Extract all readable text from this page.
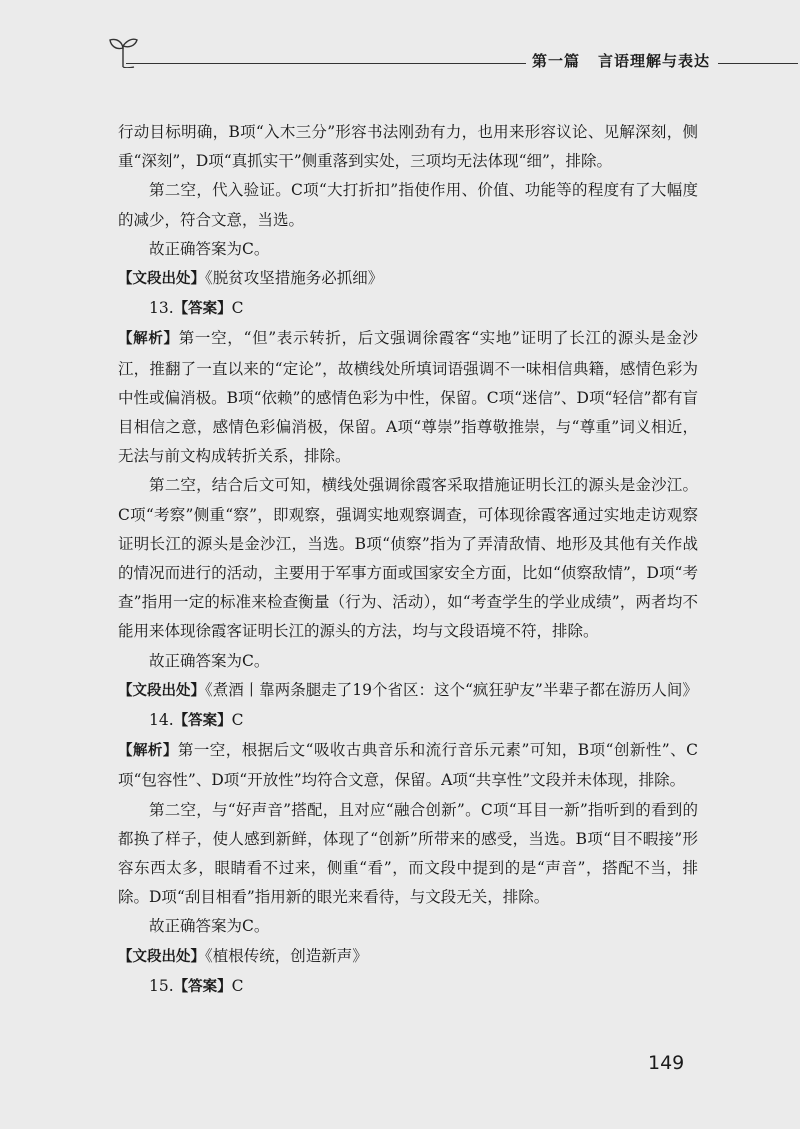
第一篇 言语理解与表达

行动目标明确，B项“入木三分”形容书法刚劲有力，也用来形容议论、见解深刻，侧重“深刻”，D项“真抓实干”侧重落到实处，三项均无法体现“细”，排除。

第二空，代入验证。C项“大打折扣”指使作用、价值、功能等的程度有了大幅度的减少，符合文意，当选。

故正确答案为C。

【文段出处】《脱贫攻坚措施务必抓细》

13.【答案】C

【解析】第一空，“但”表示转折，后文强调徐霞客“实地”证明了长江的源头是金沙江，推翻了一直以来的“定论”，故横线处所填词语强调不一味相信典籍，感情色彩为中性或偏消极。B项“依赖”的感情色彩为中性，保留。C项“迷信”、D项“轻信”都有盲目相信之意，感情色彩偏消极，保留。A项“尊崇”指尊敬推崇，与“尊重”词义相近，无法与前文构成转折关系，排除。

第二空，结合后文可知，横线处强调徐霞客采取措施证明长江的源头是金沙江。C项“考察”侧重“察”，即观察，强调实地观察调查，可体现徐霞客通过实地走访观察证明长江的源头是金沙江，当选。B项“侦察”指为了弄清敌情、地形及其他有关作战的情况而进行的活动，主要用于军事方面或国家安全方面，比如“侦察敌情”，D项“考查”指用一定的标准来检查衡量（行为、活动），如“考查学生的学业成绩”，两者均不能用来体现徐霞客证明长江的源头的方法，均与文段语境不符，排除。

故正确答案为C。

【文段出处】《煮酒丨靠两条腿走了19个省区：这个“疯狂驴友”半辈子都在游历人间》

14.【答案】C

【解析】第一空，根据后文“吸收古典音乐和流行音乐元素”可知，B项“创新性”、C项“包容性”、D项“开放性”均符合文意，保留。A项“共享性”文段并未体现，排除。

第二空，与“好声音”搭配，且对应“融合创新”。C项“耳目一新”指听到的看到的都换了样子，使人感到新鲜，体现了“创新”所带来的感受，当选。B项“目不暇接”形容东西太多，眼睛看不过来，侧重“看”，而文段中提到的是“声音”，搭配不当，排除。D项“刮目相看”指用新的眼光来看待，与文段无关，排除。

故正确答案为C。

【文段出处】《植根传统，创造新声》

15.【答案】C

149
